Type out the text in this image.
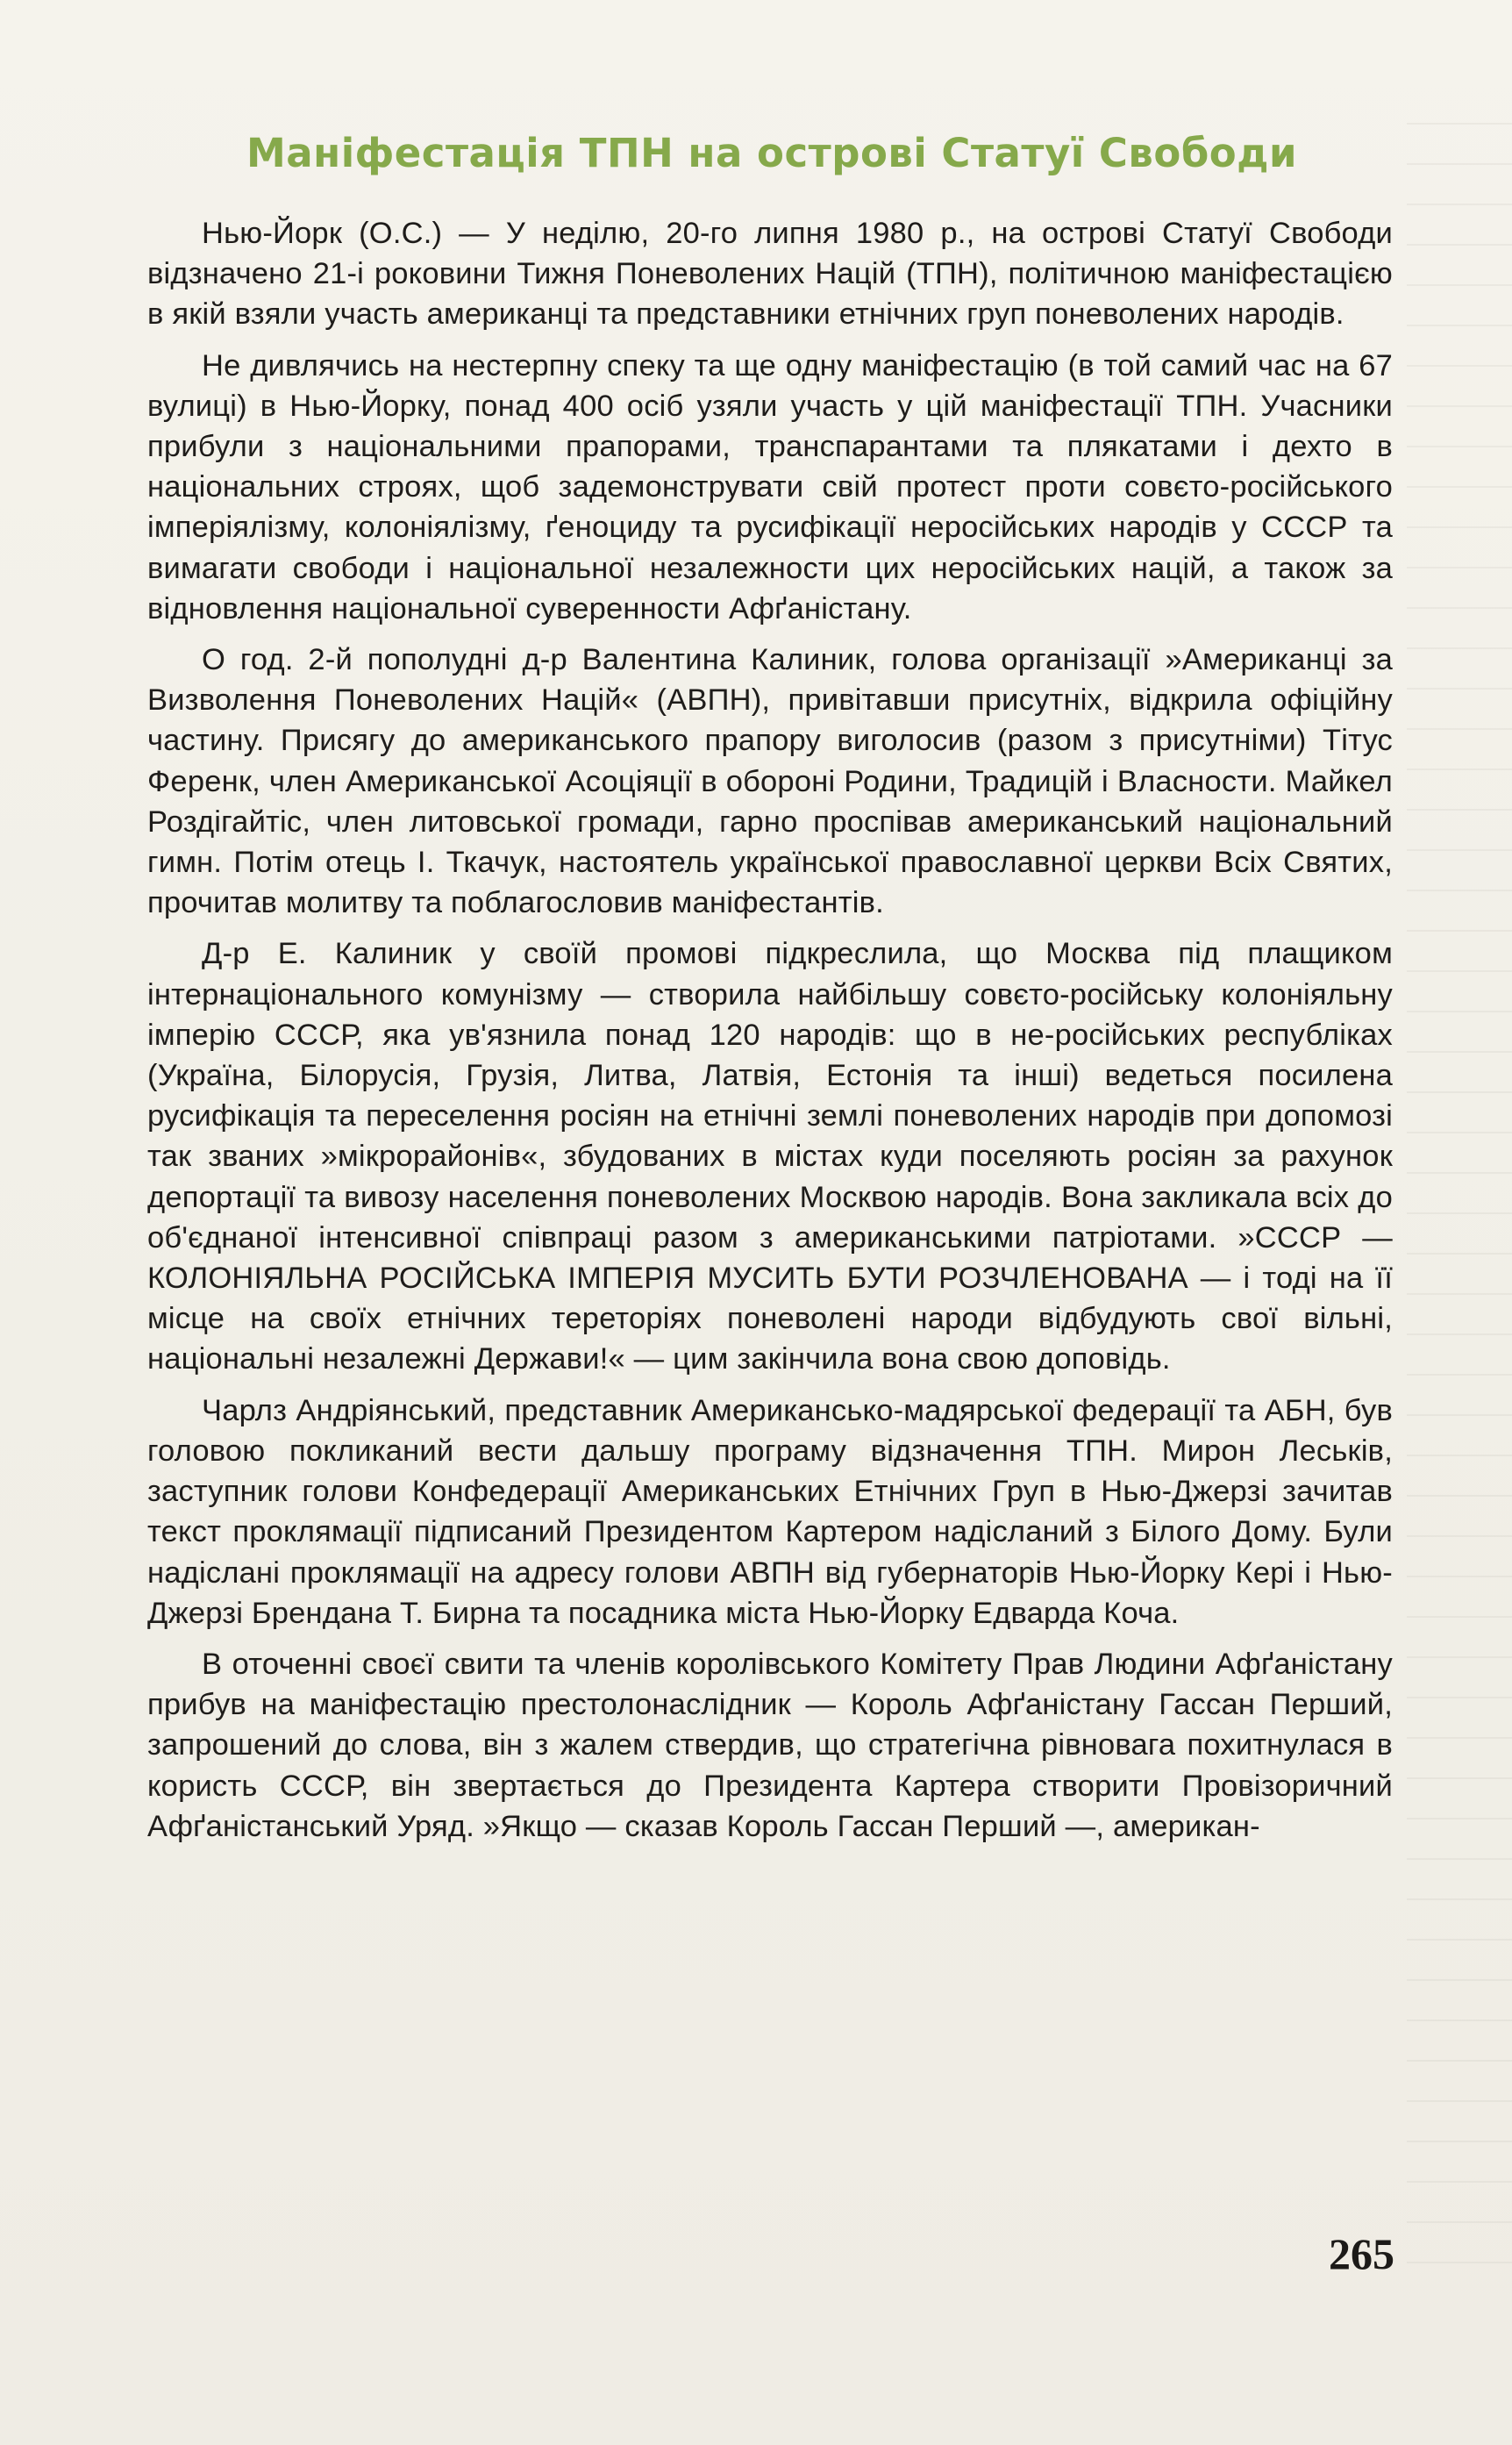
Маніфестація ТПН на острові Статуї Свободи

Нью-Йорк (О.С.) — У неділю, 20-го липня 1980 р., на острові Статуї Свободи відзначено 21-і роковини Тижня Поневолених Націй (ТПН), політичною маніфестацією в якій взяли участь американці та представники етнічних груп поневолених народів.

Не дивлячись на нестерпну спеку та ще одну маніфестацію (в той самий час на 67 вулиці) в Нью-Йорку, понад 400 осіб узяли участь у цій маніфестації ТПН. Учасники прибули з національними прапорами, транспарантами та плякатами і дехто в національних строях, щоб задемонструвати свій протест проти совєто-російського імперіялізму, колоніялізму, ґеноциду та русифікації неросійських народів у СССР та вимагати свободи і національної незалежности цих неросійських націй, а також за відновлення національної суверенности Афґаністану.

О год. 2-й пополудні д-р Валентина Калиник, голова організації »Американці за Визволення Поневолених Націй« (АВПН), привітавши присутніх, відкрила офіційну частину. Присягу до американського прапору виголосив (разом з присутніми) Тітус Ференк, член Американської Асоціяції в обороні Родини, Традицій і Власности. Майкел Роздігайтіс, член литовської громади, гарно проспівав американський національний гимн. Потім отець І. Ткачук, настоятель української православної церкви Всіх Святих, прочитав молитву та поблагословив маніфестантів.

Д-р Е. Калиник у своїй промові підкреслила, що Москва під плащиком інтернаціонального комунізму — створила найбільшу совєто-російську колоніяльну імперію СССР, яка ув'язнила понад 120 народів: що в не-російських республіках (Україна, Білорусія, Грузія, Литва, Латвія, Естонія та інші) ведеться посилена русифікація та переселення росіян на етнічні землі поневолених народів при допомозі так званих »мікрорайонів«, збудованих в містах куди поселяють росіян за рахунок депортації та вивозу населення поневолених Москвою народів. Вона закликала всіх до об'єднаної інтенсивної співпраці разом з американськими патріотами. »СССР — КОЛОНІЯЛЬНА РОСІЙСЬКА ІМПЕРІЯ МУСИТЬ БУТИ РОЗЧЛЕНОВАНА — і тоді на її місце на своїх етнічних тереторіях поневолені народи відбудують свої вільні, національні незалежні Держави!« — цим закінчила вона свою доповідь.

Чарлз Андріянський, представник Американсько-мадярської федерації та АБН, був головою покликаний вести дальшу програму відзначення ТПН. Мирон Леськів, заступник голови Конфедерації Американських Етнічних Груп в Нью-Джерзі зачитав текст проклямації підписаний Президентом Картером надісланий з Білого Дому. Були надіслані проклямації на адресу голови АВПН від губернаторів Нью-Йорку Кері і Нью-Джерзі Брендана Т. Бирна та посадника міста Нью-Йорку Едварда Коча.

В оточенні своєї свити та членів королівського Комітету Прав Людини Афґаністану прибув на маніфестацію престолонаслідник — Король Афґаністану Гассан Перший, запрошений до слова, він з жалем ствердив, що стратегічна рівновага похитнулася в користь СССР, він звертається до Президента Картера створити Провізоричний Афґаністанський Уряд. »Якщо — сказав Король Гассан Перший —, американ-

265
